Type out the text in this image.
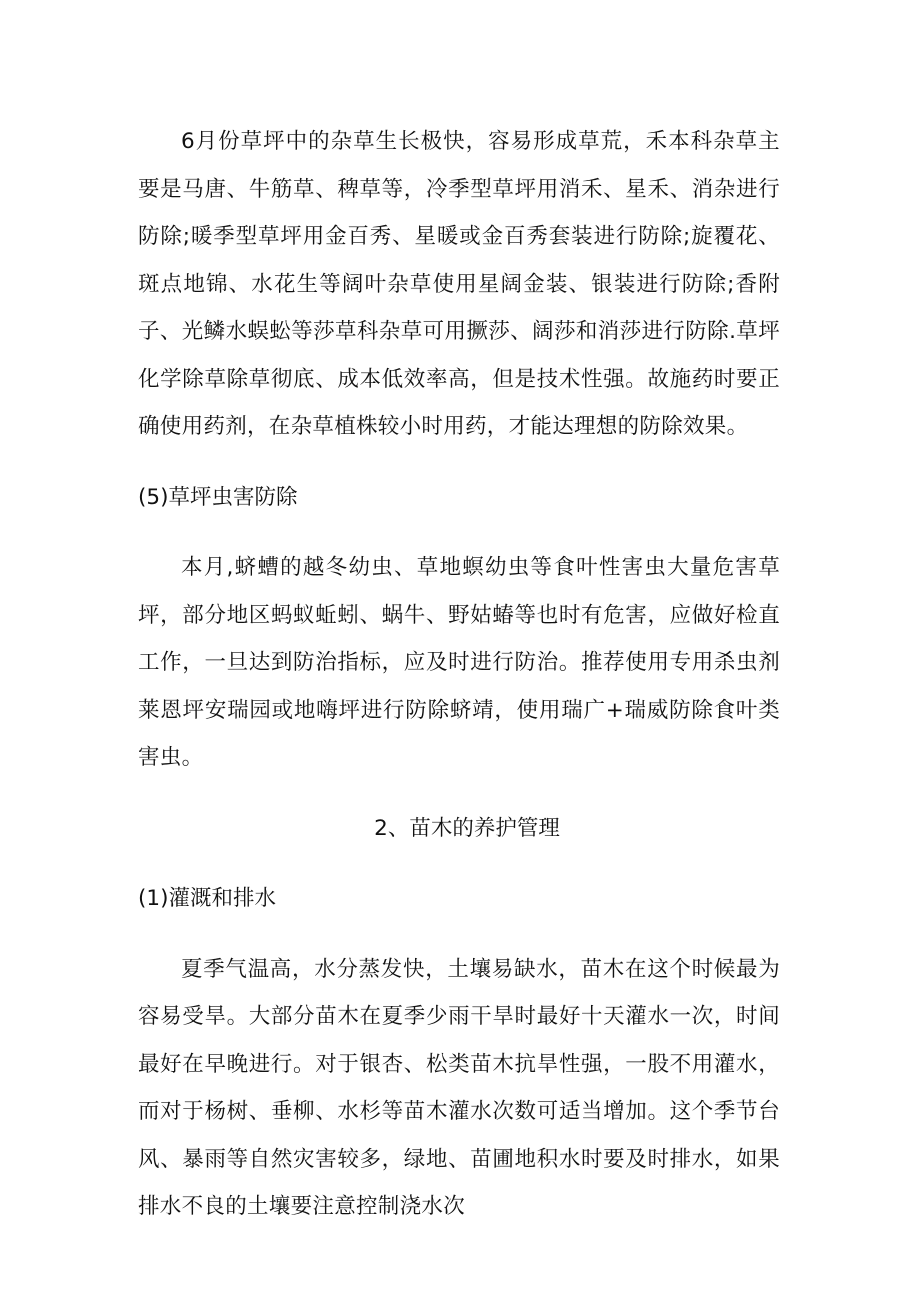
6月份草坪中的杂草生长极快，容易形成草荒，禾本科杂草主要是马唐、牛筋草、稗草等，冷季型草坪用消禾、星禾、消杂进行防除;暖季型草坪用金百秀、星暖或金百秀套装进行防除;旋覆花、斑点地锦、水花生等阔叶杂草使用星阔金装、银装进行防除;香附子、光鳞水蜈蚣等莎草科杂草可用撅莎、阔莎和消莎进行防除.草坪化学除草除草彻底、成本低效率高，但是技术性强。故施药时要正确使用药剂，在杂草植株较小时用药，才能达理想的防除效果。

(5)草坪虫害防除

本月,蛴螬的越冬幼虫、草地螟幼虫等食叶性害虫大量危害草坪，部分地区蚂蚁蚯蚓、蜗牛、野姑蝽等也时有危害，应做好检直工作，一旦达到防治指标，应及时进行防治。推荐使用专用杀虫剂莱恩坪安瑞园或地嗨坪进行防除蛴靖，使用瑞广+瑞威防除食叶类害虫。

2、苗木的养护管理

(1)灌溉和排水

夏季气温高，水分蒸发快，土壤易缺水，苗木在这个时候最为容易受旱。大部分苗木在夏季少雨干旱时最好十天灌水一次，时间最好在早晚进行。对于银杏、松类苗木抗旱性强，一股不用灌水，而对于杨树、垂柳、水杉等苗木灌水次数可适当增加。这个季节台风、暴雨等自然灾害较多，绿地、苗圃地积水时要及时排水，如果排水不良的土壤要注意控制浇水次
